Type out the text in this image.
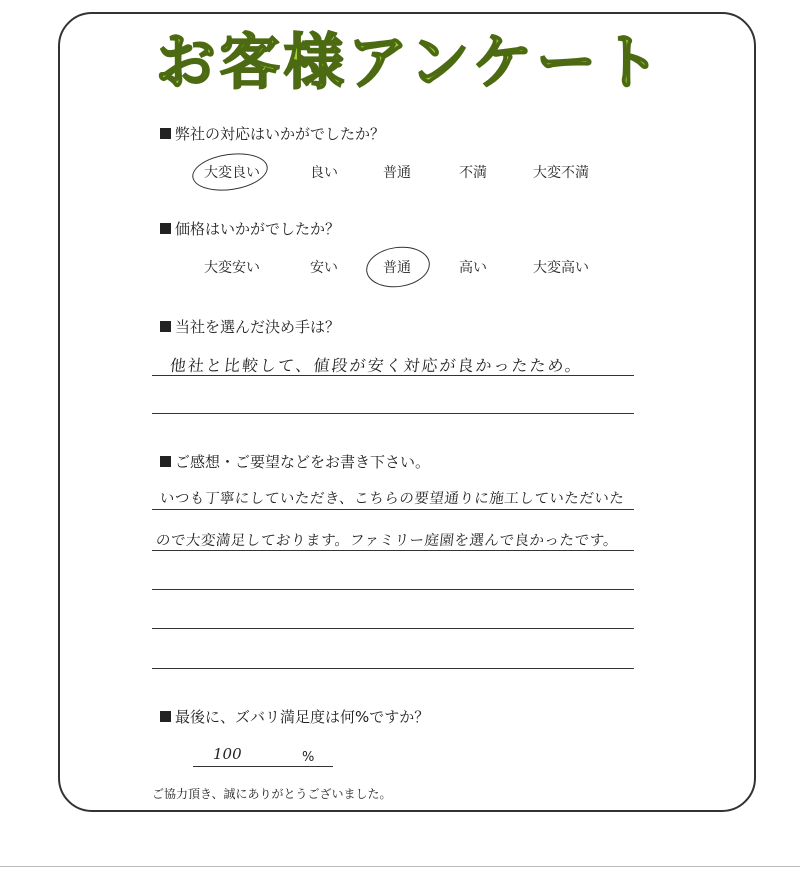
お客様アンケート
弊社の対応はいかがでしたか？
大変良い	良い	普通	不満	大変不満
価格はいかがでしたか？
大変安い	安い	普通	高い	大変高い
当社を選んだ決め手は？
他社と比較して、値段が安く対応が良かったため。
ご感想・ご要望などをお書き下さい。
いつも丁寧にしていただき、こちらの要望通りに施工していただいた
ので大変満足しております。ファミリー庭園を選んで良かったです。
最後に、ズバリ満足度は何%ですか？
100	%
ご協力頂き、誠にありがとうございました。
